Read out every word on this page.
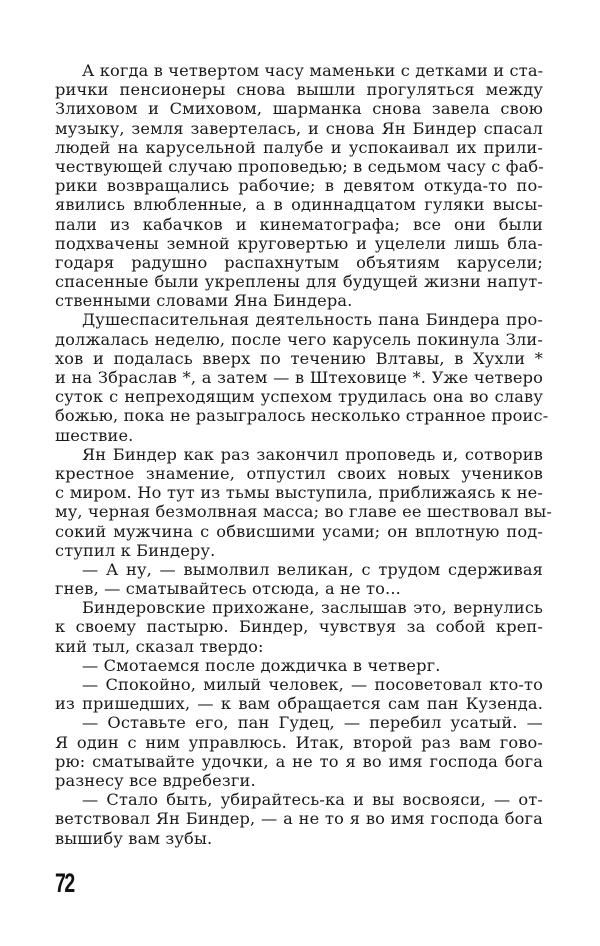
А когда в четвертом часу маменьки с детками и ста-
рички пенсионеры снова вышли прогуляться между
Злиховом и Смиховом, шарманка снова завела свою
музыку, земля завертелась, и снова Ян Биндер спасал
людей на карусельной палубе и успокаивал их прили-
чествующей случаю проповедью; в седьмом часу с фаб-
рики возвращались рабочие; в девятом откуда-то по-
явились влюбленные, а в одиннадцатом гуляки высы-
пали из кабачков и кинематографа; все они были
подхвачены земной круговертью и уцелели лишь бла-
годаря радушно распахнутым объятиям карусели;
спасенные были укреплены для будущей жизни напут-
ственными словами Яна Биндера.
Душеспасительная деятельность пана Биндера про-
должалась неделю, после чего карусель покинула Зли-
хов и подалась вверх по течению Влтавы, в Хухли *
и на Збраслав *, а затем — в Штеховице *. Уже четверо
суток с непреходящим успехом трудилась она во славу
божью, пока не разыгралось несколько странное проис-
шествие.
Ян Биндер как раз закончил проповедь и, сотворив
крестное знамение, отпустил своих новых учеников
с миром. Но тут из тьмы выступила, приближаясь к не-
му, черная безмолвная масса; во главе ее шествовал вы-
сокий мужчина с обвисшими усами; он вплотную под-
ступил к Биндеру.
— А ну, — вымолвил великан, с трудом сдерживая
гнев, — сматывайтесь отсюда, а не то...
Биндеровские прихожане, заслышав это, вернулись
к своему пастырю. Биндер, чувствуя за собой креп-
кий тыл, сказал твердо:
— Смотаемся после дождичка в четверг.
— Спокойно, милый человек, — посоветовал кто-то
из пришедших, — к вам обращается сам пан Кузенда.
— Оставьте его, пан Гудец, — перебил усатый. —
Я один с ним управлюсь. Итак, второй раз вам гово-
рю: сматывайте удочки, а не то я во имя господа бога
разнесу все вдребезги.
— Стало быть, убирайтесь-ка и вы восвояси, — от-
ветствовал Ян Биндер, — а не то я во имя господа бога
вышибу вам зубы.
72
